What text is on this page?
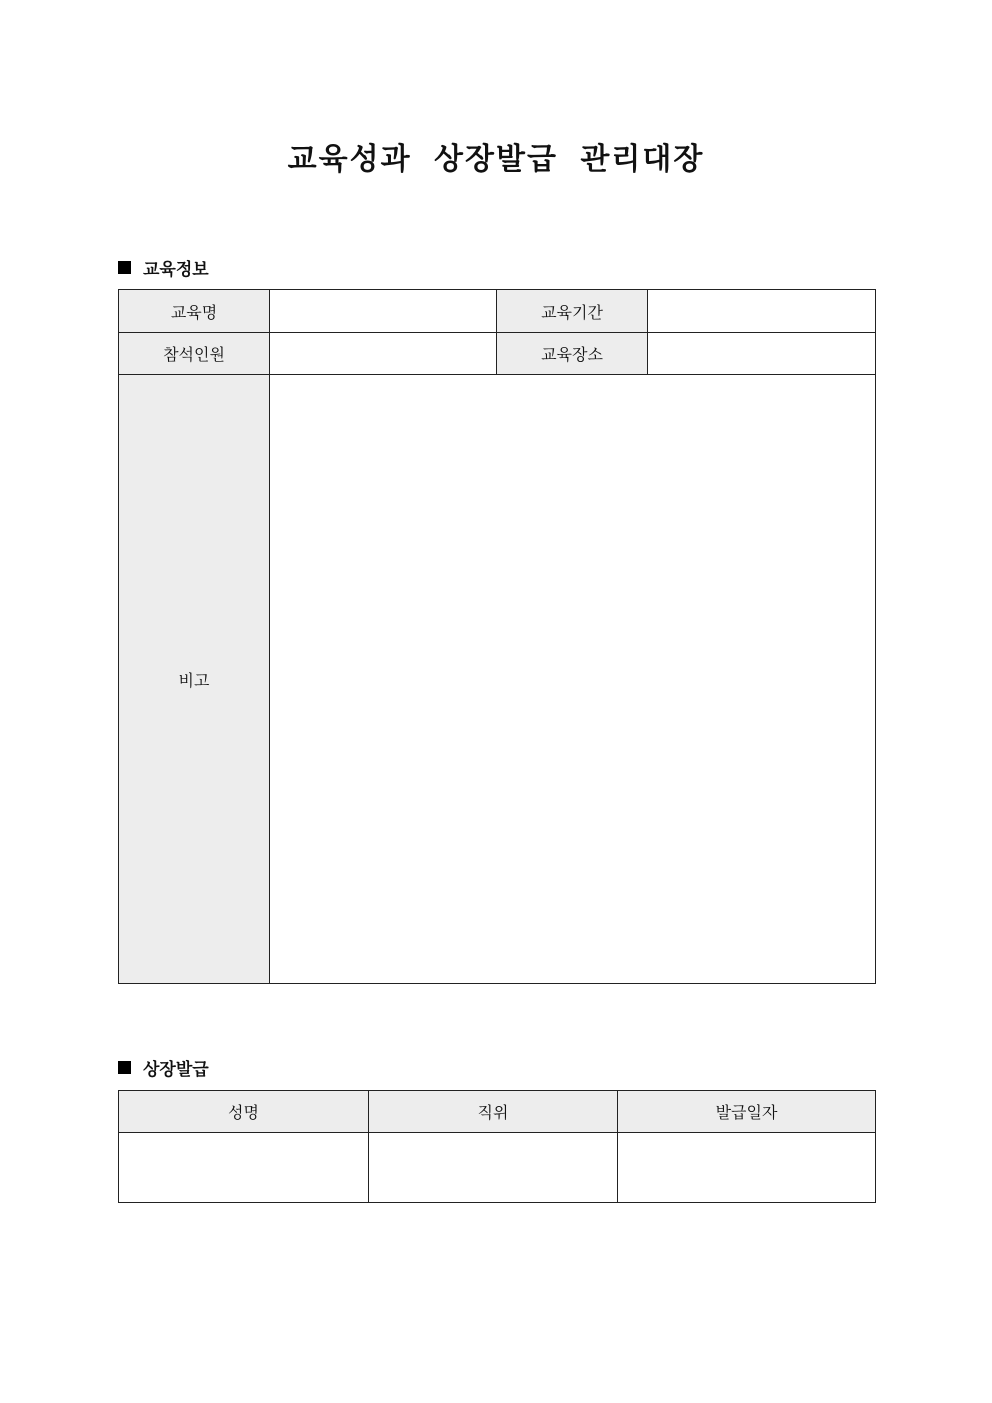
교육성과 상장발급 관리대장
교육정보
교육명		교육기간	
참석인원		교육장소	
비고			
상장발급
성명	직위	발급일자
